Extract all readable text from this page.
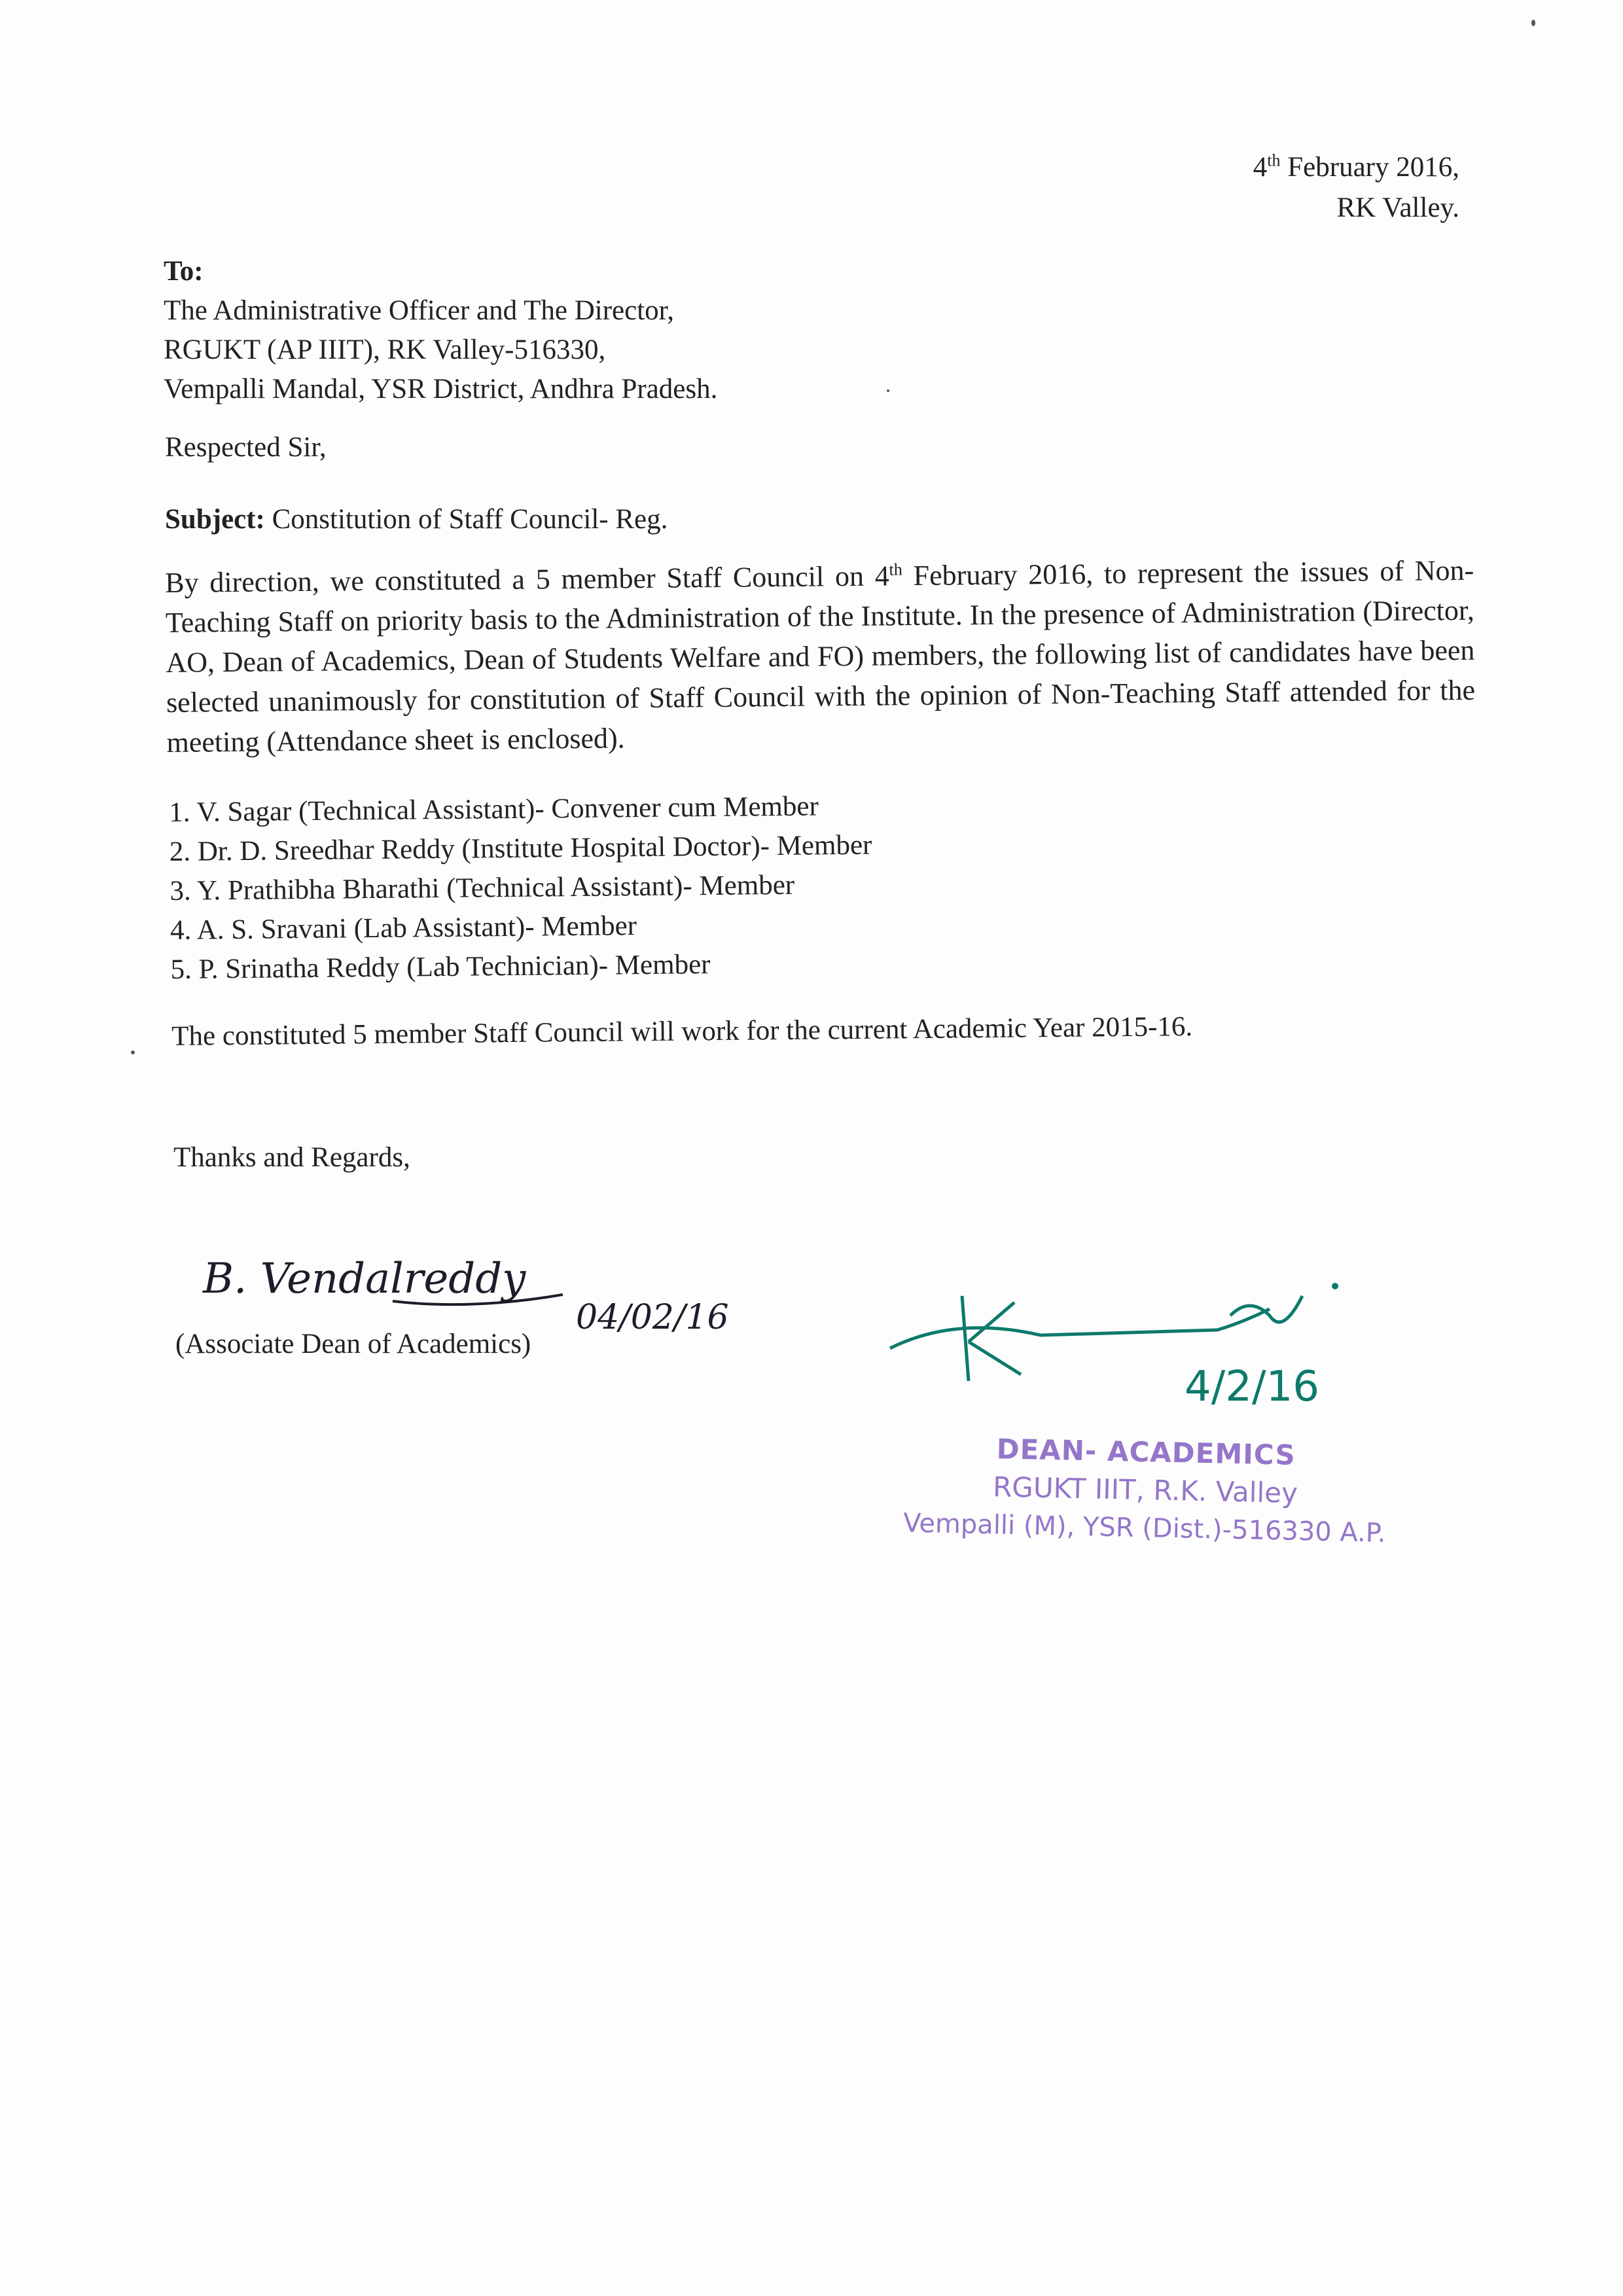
4th February 2016,
RK Valley.
To:
The Administrative Officer and The Director,
RGUKT (AP IIIT), RK Valley-516330,
Vempalli Mandal, YSR District, Andhra Pradesh.
Respected Sir,
Subject: Constitution of Staff Council- Reg.
By direction, we constituted a 5 member Staff Council on 4th February 2016, to represent the issues of Non-Teaching Staff on priority basis to the Administration of the Institute. In the presence of Administration (Director, AO, Dean of Academics, Dean of Students Welfare and FO) members, the following list of candidates have been selected unanimously for constitution of Staff Council with the opinion of Non-Teaching Staff attended for the meeting (Attendance sheet is enclosed).
1. V. Sagar (Technical Assistant)- Convener cum Member
2. Dr. D. Sreedhar Reddy (Institute Hospital Doctor)- Member
3. Y. Prathibha Bharathi (Technical Assistant)- Member
4. A. S. Sravani (Lab Assistant)- Member
5. P. Srinatha Reddy (Lab Technician)- Member
The constituted 5 member Staff Council will work for the current Academic Year 2015-16.
Thanks and Regards,
B. Vendalreddy
04/02/16
(Associate Dean of Academics)
4/2/16
DEAN- ACADEMICS
RGUKT IIIT, R.K. Valley
Vempalli (M), YSR (Dist.)-516330 A.P.
